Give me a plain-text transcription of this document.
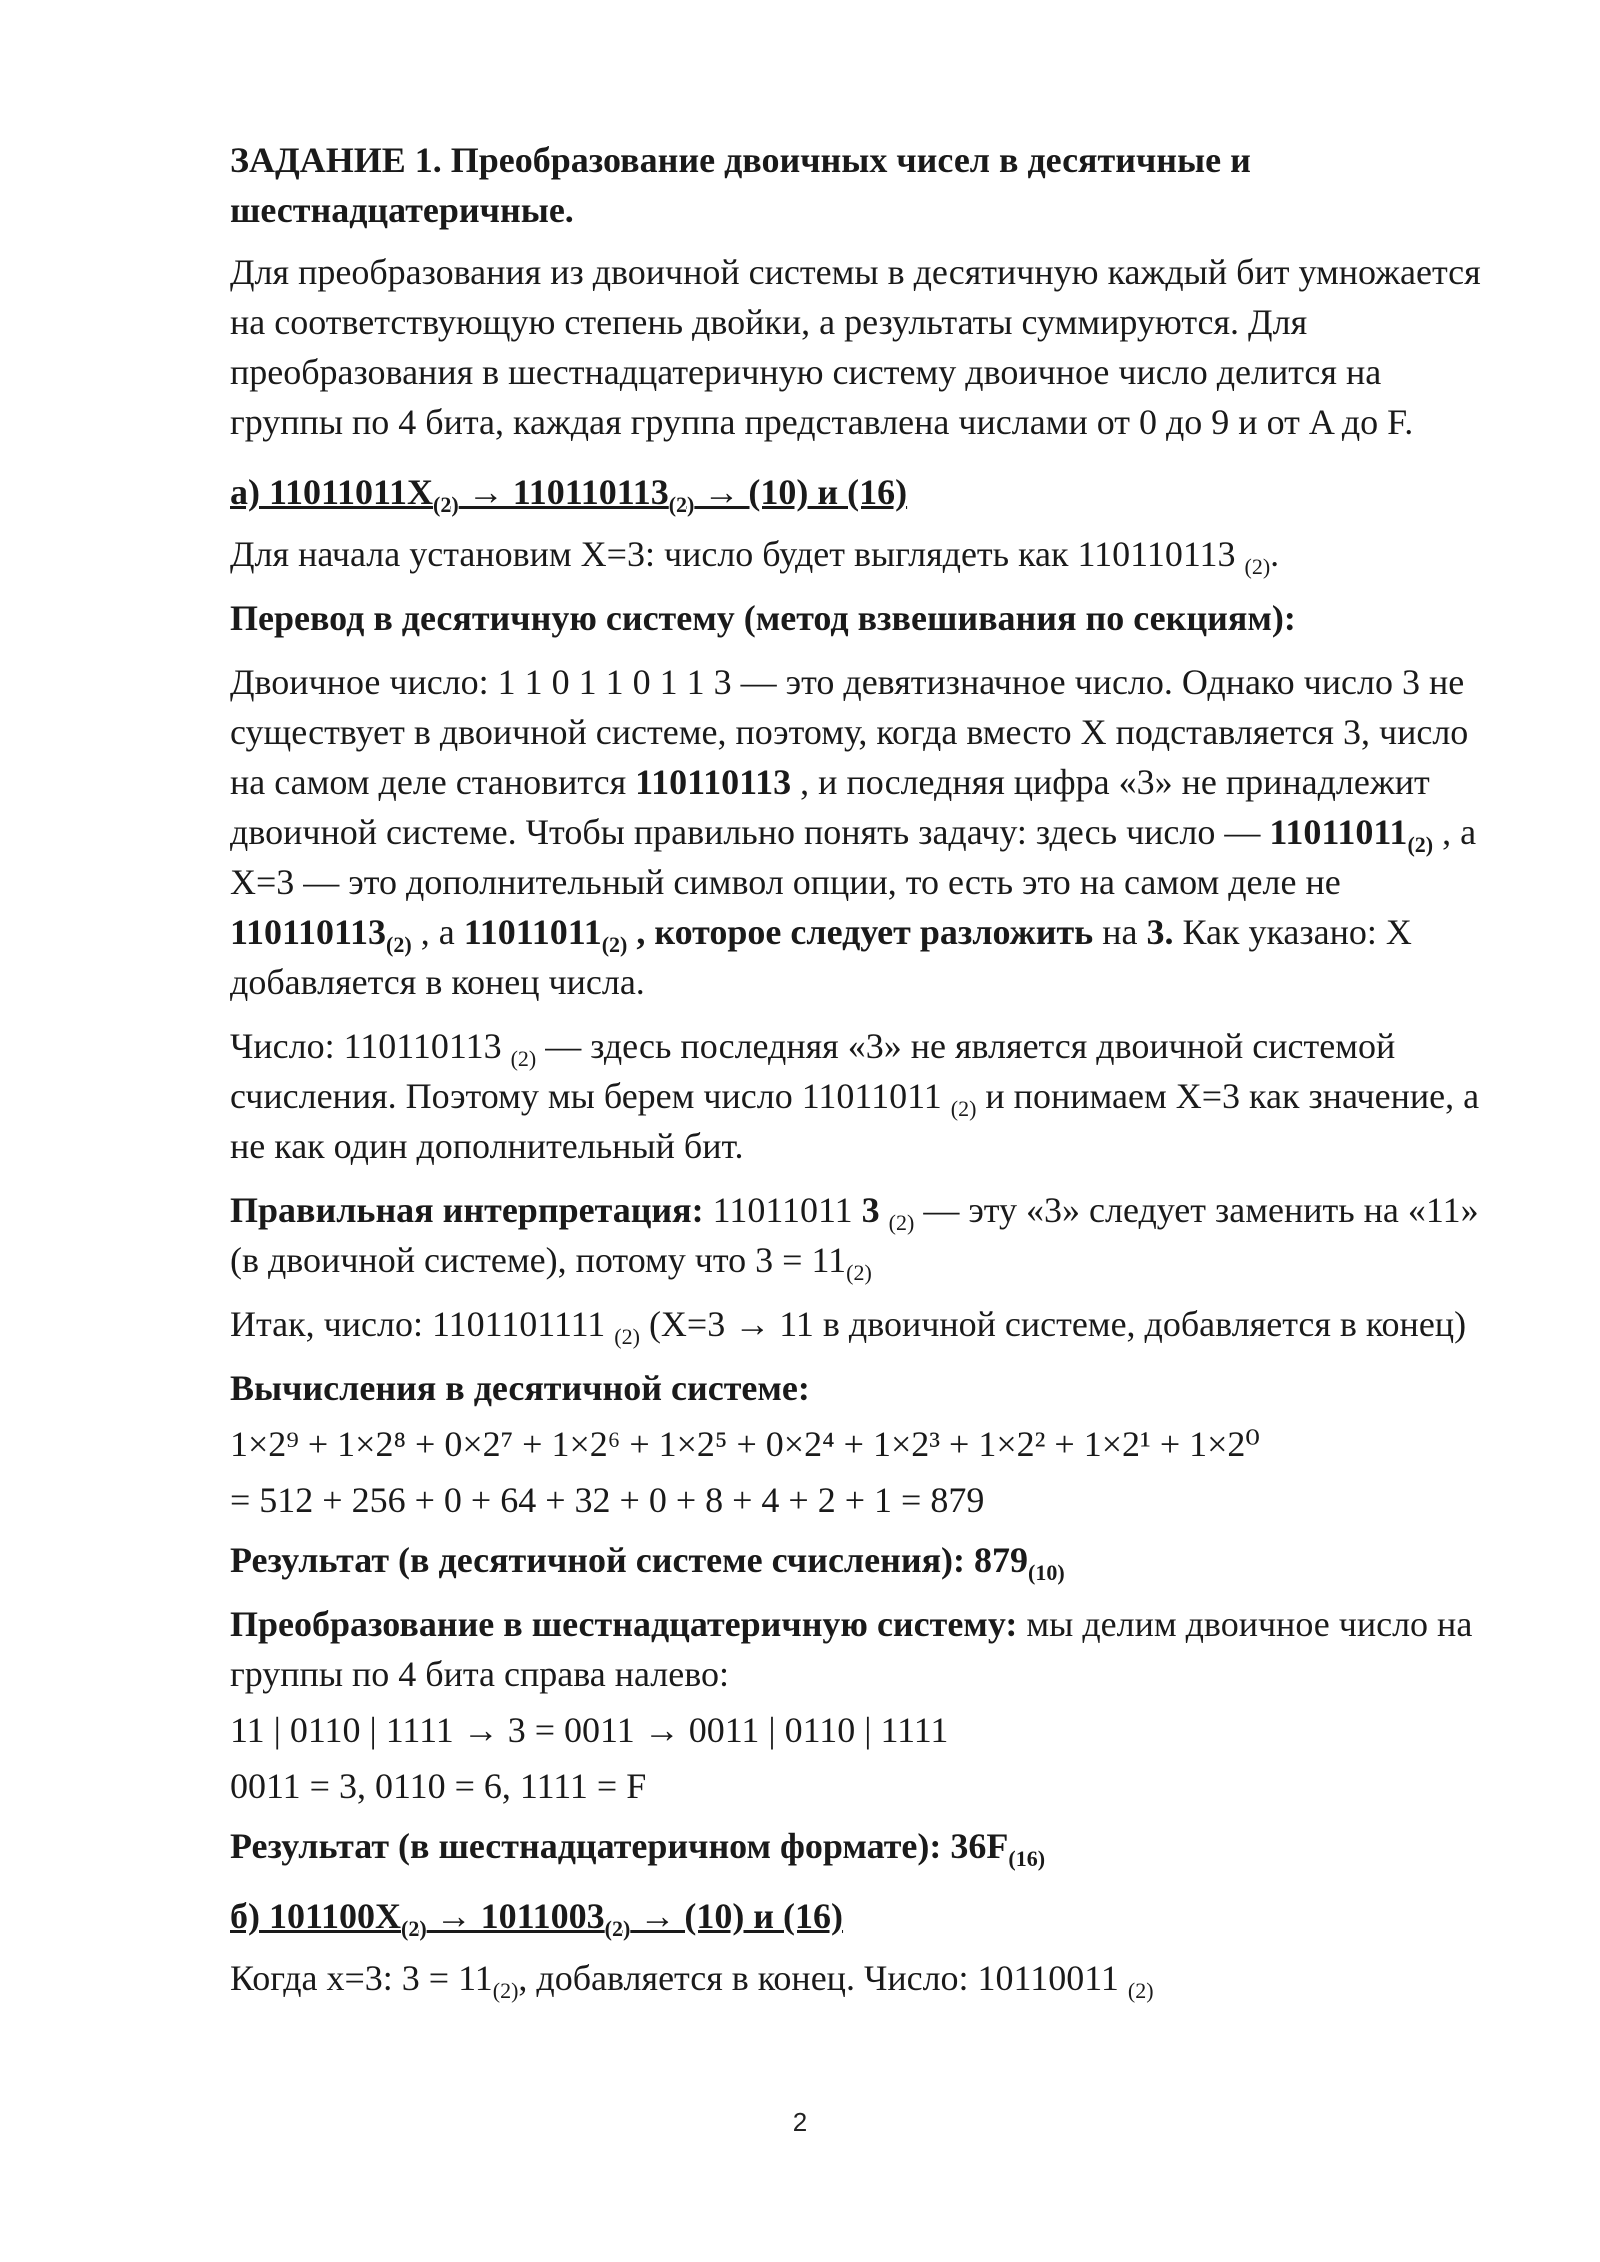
ЗАДАНИЕ 1. Преобразование двоичных чисел в десятичные и шестнадцатеричные.

Для преобразования из двоичной системы в десятичную каждый бит умножается на соответствующую степень двойки, а результаты суммируются. Для преобразования в шестнадцатеричную систему двоичное число делится на группы по 4 бита, каждая группа представлена числами от 0 до 9 и от A до F.

a) $11011011X_{(2)} \to 110110113_{(2)} \to (10)$ и (16)

Для начала установим X=3: число будет выглядеть как 110110113 $_{(2)}$.

Перевод в десятичную систему (метод взвешивания по секциям):

Двоичное число: 1 1 0 1 1 0 1 1 3 — это девятизначное число. Однако число 3 не существует в двоичной системе, поэтому, когда вместо X подставляется 3, число на самом деле становится 110110113 , и последняя цифра «3» не принадлежит двоичной системе. Чтобы правильно понять задачу: здесь число — $11011011_{(2)}$ , а X=3 — это дополнительный символ опции, то есть это на самом деле не $110110113_{(2)}$ , а $11011011_{(2)}$ , которое следует разложить на 3. Как указано: X добавляется в конец числа.

Число: 110110113 $_{(2)}$ — здесь последняя «3» не является двоичной системой счисления. Поэтому мы берем число 11011011 $_{(2)}$ и понимаем X=3 как значение, а не как один дополнительный бит.

Правильная интерпретация: 11011011 3 $_{(2)}$ — эту «3» следует заменить на «11» (в двоичной системе), потому что $3 = 11_{(2)}$

Итак, число: 1101101111 $_{(2)}$ (X=3 → 11 в двоичной системе, добавляется в конец)

Вычисления в десятичной системе:
1×2⁹ + 1×2⁸ + 0×2⁷ + 1×2⁶ + 1×2⁵ + 0×2⁴ + 1×2³ + 1×2² + 1×2¹ + 1×2⁰
= 512 + 256 + 0 + 64 + 32 + 0 + 8 + 4 + 2 + 1 = 879

Результат (в десятичной системе счисления): $879_{(10)}$

Преобразование в шестнадцатеричную систему: мы делим двоичное число на группы по 4 бита справа налево:

11 | 0110 | 1111 → 3 = 0011 → 0011 | 0110 | 1111
0011 = 3, 0110 = 6, 1111 = F

Результат (в шестнадцатеричном формате): $36F_{(16)}$

б) $101100X_{(2)} \to 1011003_{(2)} \to (10)$ и (16)

Когда x=3: $3 = 11_{(2)}$, добавляется в конец. Число: 10110011 $_{(2)}$

2
